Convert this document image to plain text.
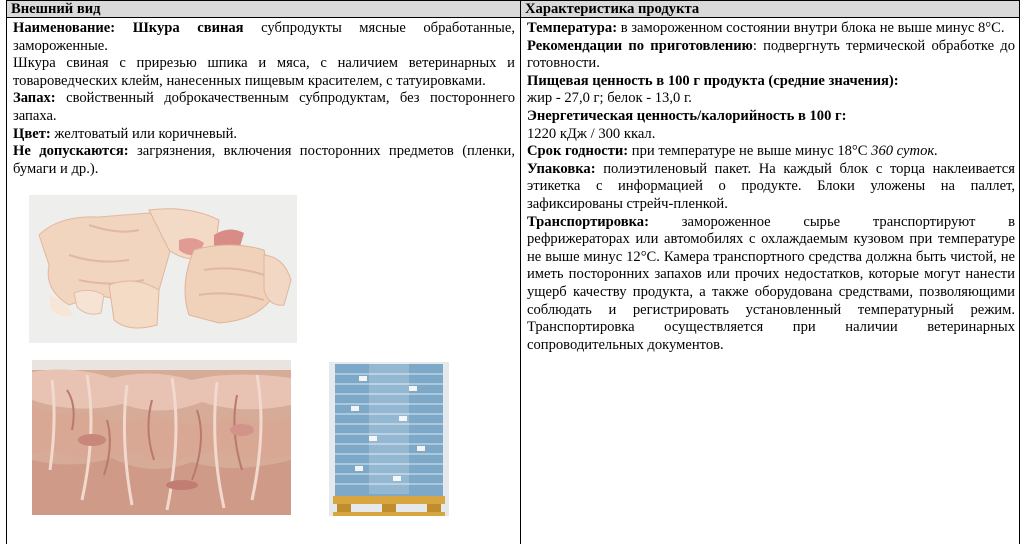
Внешний вид	Характеристика продукта
Наименование: Шкура свиная субпродукты мясные обработанные, замороженные.
Шкура свиная с прирезью шпика и мяса, с наличием ветеринарных и товароведческих клейм, нанесенных пищевым красителем, с татуировками.
Запах: свойственный доброкачественным субпродуктам, без постороннего запаха.
Цвет: желтоватый или коричневый.
Не допускаются: загрязнения, включения посторонних предметов (пленки, бумаги и др.).
Температура: в замороженном состоянии внутри блока не выше минус 8°С.
Рекомендации по приготовлению: подвергнуть термической обработке до готовности.
Пищевая ценность в 100 г продукта (средние значения):
жир - 27,0 г; белок - 13,0 г.
Энергетическая ценность/калорийность в 100 г:
1220 кДж / 300 ккал.
Срок годности: при температуре не выше минус 18°С 360 суток.
Упаковка: полиэтиленовый пакет. На каждый блок с торца наклеивается этикетка с информацией о продукте. Блоки уложены на паллет, зафиксированы стрейч-пленкой.
Транспортировка: замороженное сырье транспортируют в
рефрижераторах или автомобилях с охлаждаемым кузовом при температуре не выше минус 12°С. Камера транспортного средства должна быть чистой, не иметь посторонних запахов или прочих недостатков, которые могут нанести ущерб качеству продукта, а также оборудована средствами, позволяющими соблюдать и регистрировать установленный температурный режим. Транспортировка осуществляется при наличии ветеринарных сопроводительных документов.
